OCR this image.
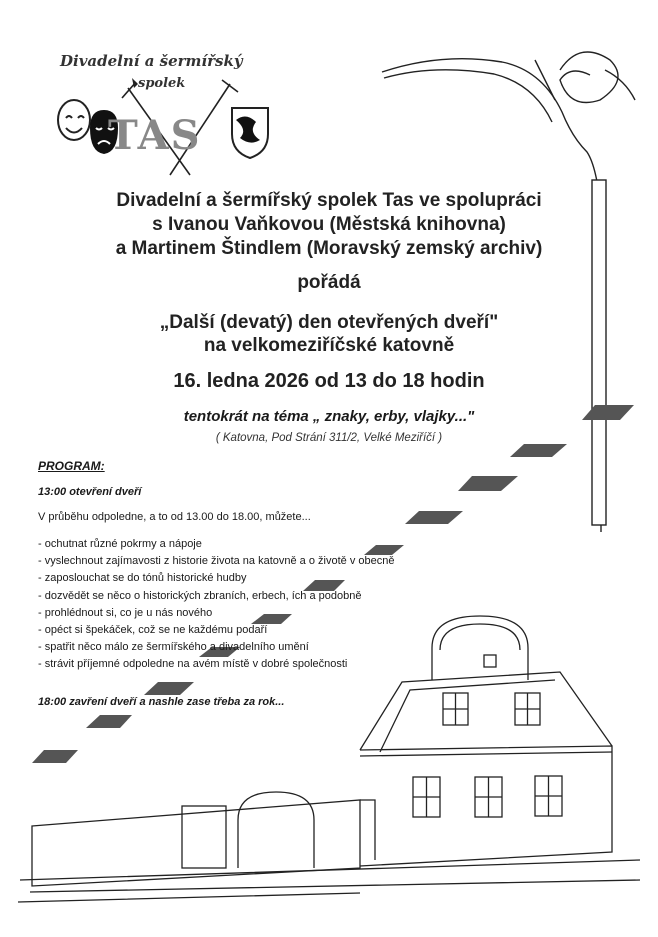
Divadelní a šermířský
spolek
TAS
Divadelní a šermířský spolek Tas ve spolupráci
s Ivanou Vaňkovou (Městská knihovna)
a Martinem Štindlem (Moravský zemský archiv)
pořádá
„Další (devatý) den otevřených dveří"
na velkomeziříčské katovně
16. ledna 2026 od 13 do 18 hodin
tentokrát na téma „ znaky, erby, vlajky..."
( Katovna, Pod Strání 311/2, Velké Meziříčí )
PROGRAM:
13:00 otevření dveří
V průběhu odpoledne, a to od 13.00 do 18.00, můžete...
- ochutnat různé pokrmy a nápoje
- vyslechnout zajímavosti z historie života na katovně a o životě v obecně
- zaposlouchat se do tónů historické hudby
- dozvědět se něco o historických zbraních, erbech, ích a podobně
- prohlédnout si, co je u nás nového
- opéct si špekáček, což se ne každému podaří
- spatřit něco málo ze šermířského a divadelního umění
- strávit příjemné odpoledne na avém místě v dobré společnosti
18:00 zavření dveří a nashle zase třeba za rok...
